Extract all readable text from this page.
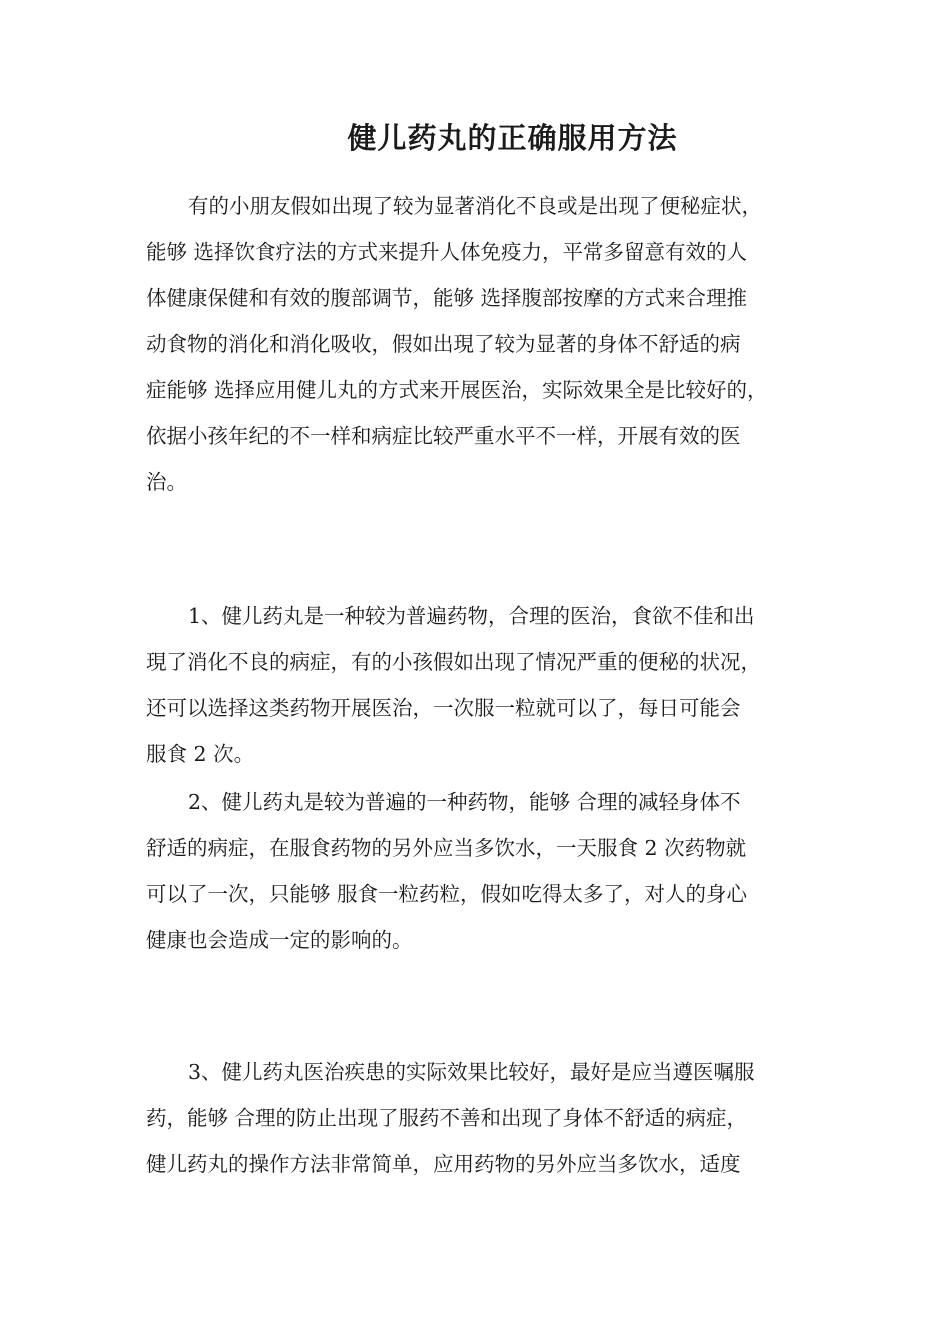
健儿药丸的正确服用方法
有的小朋友假如出現了较为显著消化不良或是出现了便秘症状，
能够 选择饮食疗法的方式来提升人体免疫力，平常多留意有效的人
体健康保健和有效的腹部调节，能够 选择腹部按摩的方式来合理推
动食物的消化和消化吸收，假如出現了较为显著的身体不舒适的病
症能够 选择应用健儿丸的方式来开展医治，实际效果全是比较好的，
依据小孩年纪的不一样和病症比较严重水平不一样，开展有效的医
治。
1、健儿药丸是一种较为普遍药物，合理的医治，食欲不佳和出
現了消化不良的病症，有的小孩假如出现了情况严重的便秘的状况，
还可以选择这类药物开展医治，一次服一粒就可以了，每日可能会
服食 2 次。
2、健儿药丸是较为普遍的一种药物，能够 合理的减轻身体不
舒适的病症，在服食药物的另外应当多饮水，一天服食 2 次药物就
可以了一次，只能够 服食一粒药粒，假如吃得太多了，对人的身心
健康也会造成一定的影响的。
3、健儿药丸医治疾患的实际效果比较好，最好是应当遵医嘱服
药，能够 合理的防止出现了服药不善和出现了身体不舒适的病症，
健儿药丸的操作方法非常简单，应用药物的另外应当多饮水，适度
